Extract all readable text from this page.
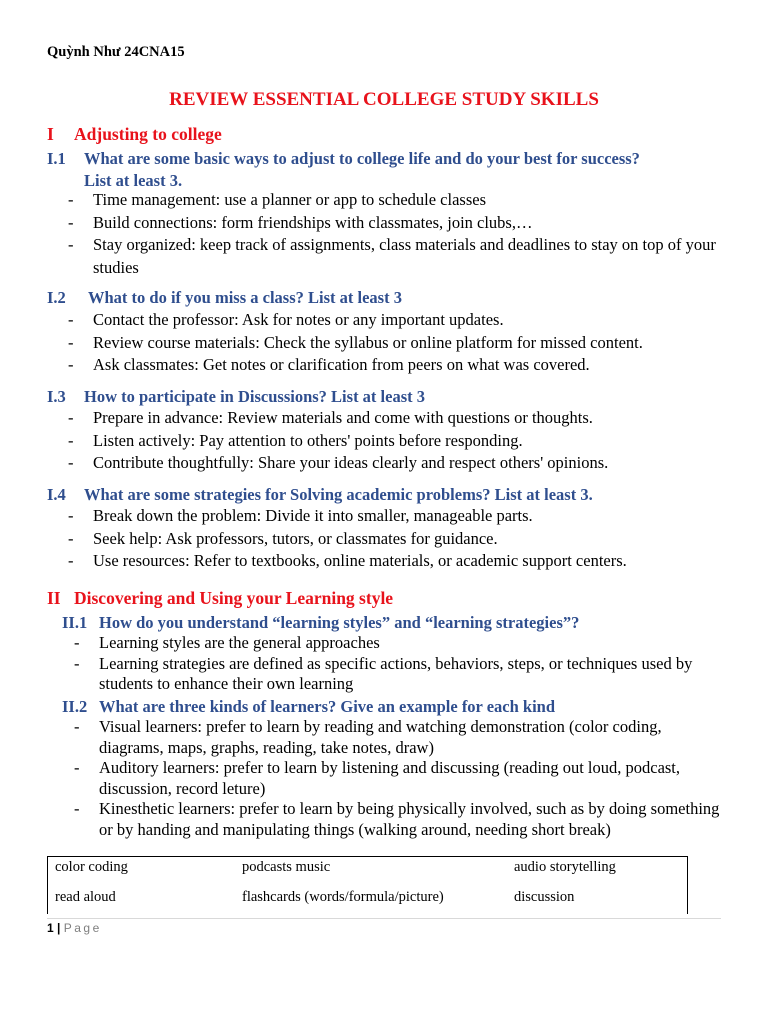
Quỳnh Như 24CNA15
REVIEW ESSENTIAL COLLEGE STUDY SKILLS
I Adjusting to college
I.1 What are some basic ways to adjust to college life and do your best for success?
List at least 3.
- Time management: use a planner or app to schedule classes
- Build connections: form friendships with classmates, join clubs,…
- Stay organized: keep track of assignments, class materials and deadlines to stay on top of your studies
I.2 What to do if you miss a class? List at least 3
- Contact the professor: Ask for notes or any important updates.
- Review course materials: Check the syllabus or online platform for missed content.
- Ask classmates: Get notes or clarification from peers on what was covered.
I.3 How to participate in Discussions? List at least 3
- Prepare in advance: Review materials and come with questions or thoughts.
- Listen actively: Pay attention to others' points before responding.
- Contribute thoughtfully: Share your ideas clearly and respect others' opinions.
I.4 What are some strategies for Solving academic problems? List at least 3.
- Break down the problem: Divide it into smaller, manageable parts.
- Seek help: Ask professors, tutors, or classmates for guidance.
- Use resources: Refer to textbooks, online materials, or academic support centers.
II Discovering and Using your Learning style
II.1 How do you understand “learning styles” and “learning strategies”?
- Learning styles are the general approaches
- Learning strategies are defined as specific actions, behaviors, steps, or techniques used by students to enhance their own learning
II.2 What are three kinds of learners? Give an example for each kind
- Visual learners: prefer to learn by reading and watching demonstration (color coding, diagrams, maps, graphs, reading, take notes, draw)
- Auditory learners: prefer to learn by listening and discussing (reading out loud, podcast, discussion, record leture)
- Kinesthetic learners: prefer to learn by being physically involved, such as by doing something or by handing and manipulating things (walking around, needing short break)
color coding	podcasts music	audio storytelling
read aloud	flashcards (words/formula/picture)	discussion
1 | Page
